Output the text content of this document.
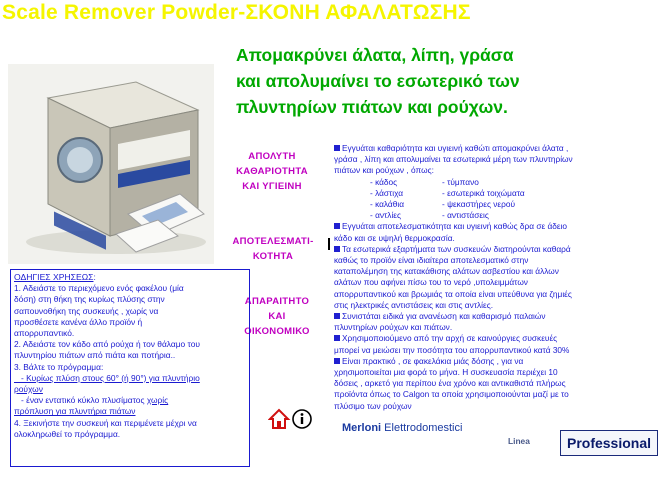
Scale Remover Powder-ΣΚΟΝΗ ΑΦΑΛΑΤΩΣΗΣ
Απομακρύνει άλατα, λίπη, γράσα
και απολυμαίνει το εσωτερικό των
πλυντηρίων πιάτων και ρούχων.
ΑΠΟΛΥΤΗ
ΚΑΘΑΡΙΟΤΗΤΑ
ΚΑΙ ΥΓΙΕΙΝΗ
ΑΠΟΤΕΛΕΣΜΑΤΙ-
ΚΟΤΗΤΑ
ΑΠΑΡΑΙΤΗΤΟ
ΚΑΙ
ΟΙΚΟΝΟΜΙΚΟ
Εγγυάται καθαριότητα και υγιεινή καθώτι απομακρύνει άλατα ,
γράσα , λίπη και απολυμαίνει τα εσωτερικά μέρη των πλυντηρίων
πιάτων και ρούχων , όπως:
- κάδος	- τύμπανο
- λάστιχα	- εσωτερικά τοιχώματα
- καλάθια	- ψεκαστήρες νερού
- αντλίες	- αντιστάσεις
Εγγυάται αποτελεσματικότητα και υγιεινή καθώς δρα σε άδειο
κάδο και σε υψηλή θερμοκρασία.
Τα εσωτερικά εξαρτήματα των συσκευών διατηρούνται καθαρά
καθώς το προϊόν είναι ιδιαίτερα αποτελεσματικό στην
καταπολέμηση της κατακάθισης αλάτων ασβεστίου και άλλων
αλάτων που αφήνει πίσω του το νερό ,υπολειμμάτων
απορρυπαντικού και βρωμιάς τα οποία είναι υπεύθυνα για ζημιές
στις ηλεκτρικές αντιστάσεις και στις αντλίες.
Συνιστάται ειδικά για ανανέωση και καθαρισμό παλαιών
πλυντηρίων ρούχων και πιάτων.
Χρησιμοποιούμενο από την αρχή σε καινούργιες συσκευές
μπορεί να μειώσει την ποσότητα του απορρυπαντικού κατά 30%
Είναι πρακτικό , σε φακελάκια μιάς δόσης , για να
χρησιμοποιείται μια φορά το μήνα. Η συσκευασία περιέχει 10
δόσεις , αρκετό για περίπου ένα χρόνο και αντικαθιστά πλήρως
προϊόντα όπως το Calgon τα οποία χρησιμοποιούνται μαζί με το
πλύσιμο των ρούχων
ΟΔΗΓΙΕΣ ΧΡΗΣΕΩΣ:
1. Αδειάστε το περιεχόμενο ενός φακέλου (μία
δόση) στη θήκη της κυρίως πλύσης στην
σαπουνοθήκη της συσκευής , χωρίς να
προσθέσετε κανένα άλλο προϊόν ή
απορρυπαντικό.
2. Αδειάστε τον κάδο από ρούχα ή τον θάλαμο του
πλυντηρίου πιάτων από πιάτα και ποτήρια..
3. Βάλτε το πρόγραμμα:
- Κυρίως πλύση στους 60° (ή 90°) για πλυντήριο
ρούχων
- έναν εντατικό κύκλο πλυσίματος χωρίς
πρόπλυση για πλυντήρια πιάτων
4. Ξεκινήστε την συσκευή και περιμένετε μέχρι να
ολοκληρωθεί το πρόγραμμα.	Merloni Elettrodomestici
Linea	Professional
